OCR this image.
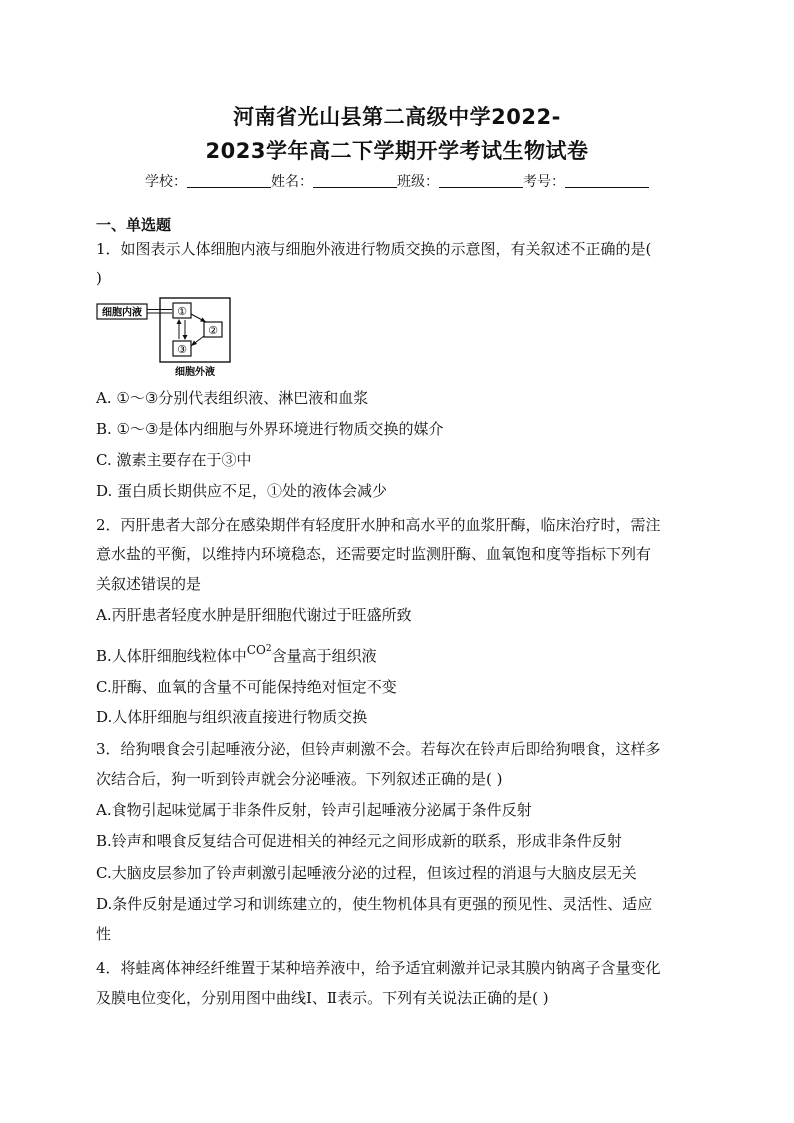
河南省光山县第二高级中学2022-
2023学年高二下学期开学考试生物试卷
学校：	姓名：	班级：	考号：
一、单选题
1．如图表示人体细胞内液与细胞外液进行物质交换的示意图，有关叙述不正确的是(
)
细胞内液	①
②
③
细胞外液
A. ①～③分别代表组织液、淋巴液和血浆
B. ①～③是体内细胞与外界环境进行物质交换的媒介
C. 激素主要存在于③中
D. 蛋白质长期供应不足，①处的液体会减少
2．丙肝患者大部分在感染期伴有轻度肝水肿和高水平的血浆肝酶，临床治疗时，需注
意水盐的平衡，以维持内环境稳态，还需要定时监测肝酶、血氧饱和度等指标下列有
关叙述错误的是
A.丙肝患者轻度水肿是肝细胞代谢过于旺盛所致
B.人体肝细胞线粒体中$^{CO^2}$含量高于组织液
C.肝酶、血氧的含量不可能保持绝对恒定不变
D.人体肝细胞与组织液直接进行物质交换
3．给狗喂食会引起唾液分泌，但铃声刺激不会。若每次在铃声后即给狗喂食，这样多
次结合后，狗一听到铃声就会分泌唾液。下列叙述正确的是( )
A.食物引起味觉属于非条件反射，铃声引起唾液分泌属于条件反射
B.铃声和喂食反复结合可促进相关的神经元之间形成新的联系，形成非条件反射
C.大脑皮层参加了铃声刺激引起唾液分泌的过程，但该过程的消退与大脑皮层无关
D.条件反射是通过学习和训练建立的，使生物机体具有更强的预见性、灵活性、适应
性
4．将蛙离体神经纤维置于某种培养液中，给予适宜刺激并记录其膜内钠离子含量变化
及膜电位变化，分别用图中曲线Ⅰ、Ⅱ表示。下列有关说法正确的是( )
